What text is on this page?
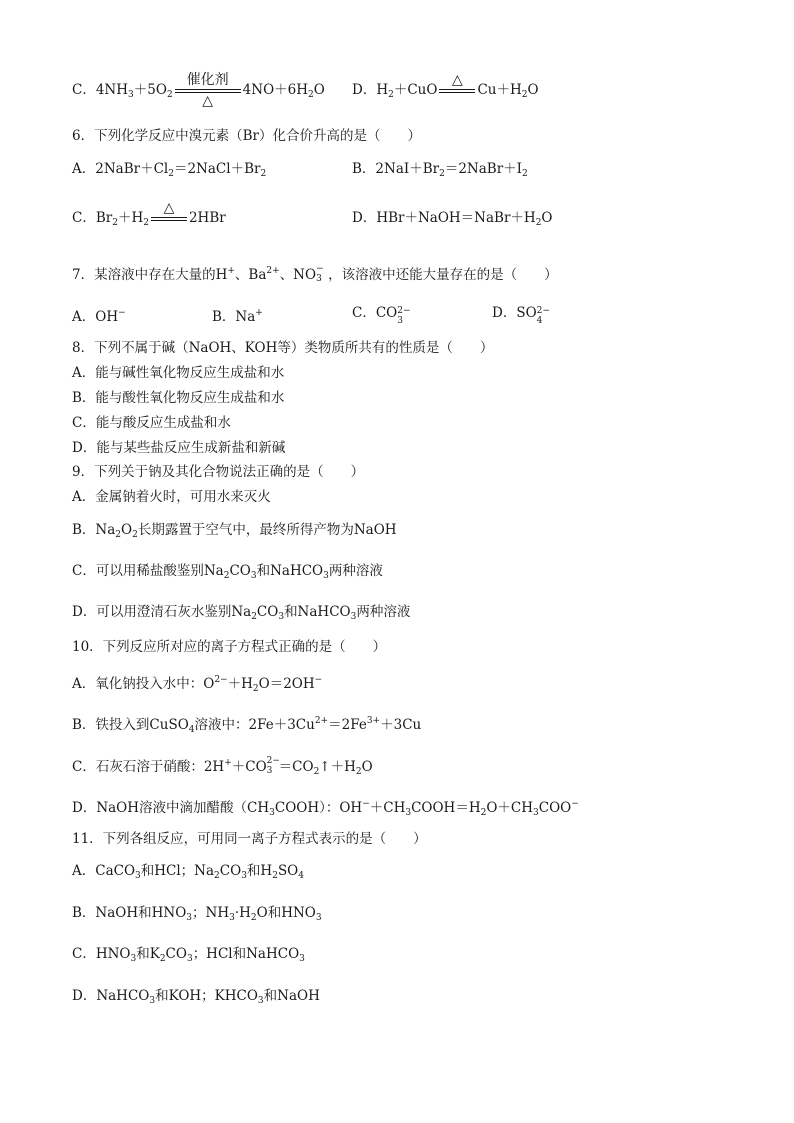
C．$4NH_3+5O_2$
催化剂
△
$4NO+6H_2O$ D．$H_2+CuO$
△
$Cu+H_2O$
6．下列化学反应中溴元素（Br）化合价升高的是（　　）
A．$2NaBr+Cl_2=2NaCl+Br_2$	B．$2NaI+Br_2=2NaBr+I_2$
C．$Br_2+H_2$
△
2HBr	D．$HBr+NaOH=NaBr+H_2O$
7．某溶液中存在大量的H+、$Ba^{2+}$、NO −
3 ，该溶液中还能大量存在的是（　　）
A．OH−	B．Na+	C．CO 2−
3	D．SO 2−
4
8．下列不属于碱（NaOH、KOH等）类物质所共有的性质是（　　）
A．能与碱性氧化物反应生成盐和水
B．能与酸性氧化物反应生成盐和水
C．能与酸反应生成盐和水
D．能与某些盐反应生成新盐和新碱
9．下列关于钠及其化合物说法正确的是（　　）
A．金属钠着火时，可用水来灭火
B．$Na_2O_2$长期露置于空气中，最终所得产物为NaOH
C．可以用稀盐酸鉴别$Na_2CO_3$和NaHCO$_3$两种溶液
D．可以用澄清石灰水鉴别$Na_2CO_3$和NaHCO$_3$两种溶液
10．下列反应所对应的离子方程式正确的是（　　）
A．氧化钠投入水中：$O^{2-}+H_2O=2OH^-$
B．铁投入到CuSO$_4$溶液中：$2Fe+3Cu^{2+}=2Fe^{3+}+3Cu$
C．石灰石溶于硝酸：2H+＋CO 2−
$3 =CO_2↑+H_2O$
D．NaOH溶液中滴加醋酸$(CH_3COOH)$：$OH^-+CH_3COOH=H_2O+CH_3COO^-$
11．下列各组反应，可用同一离子方程式表示的是（　　）
A．CaCO$_3$和HCl；$Na_2CO_3$和$H_2SO_4$
B．NaOH和$HNO_3$；$NH_3\cdot H_2O$和$HNO_3$
C．$HNO_3$和$K_2CO_3$；HCl和NaHCO$_3$
D．NaHCO$_3$和KOH；$KHCO_3$和NaOH
